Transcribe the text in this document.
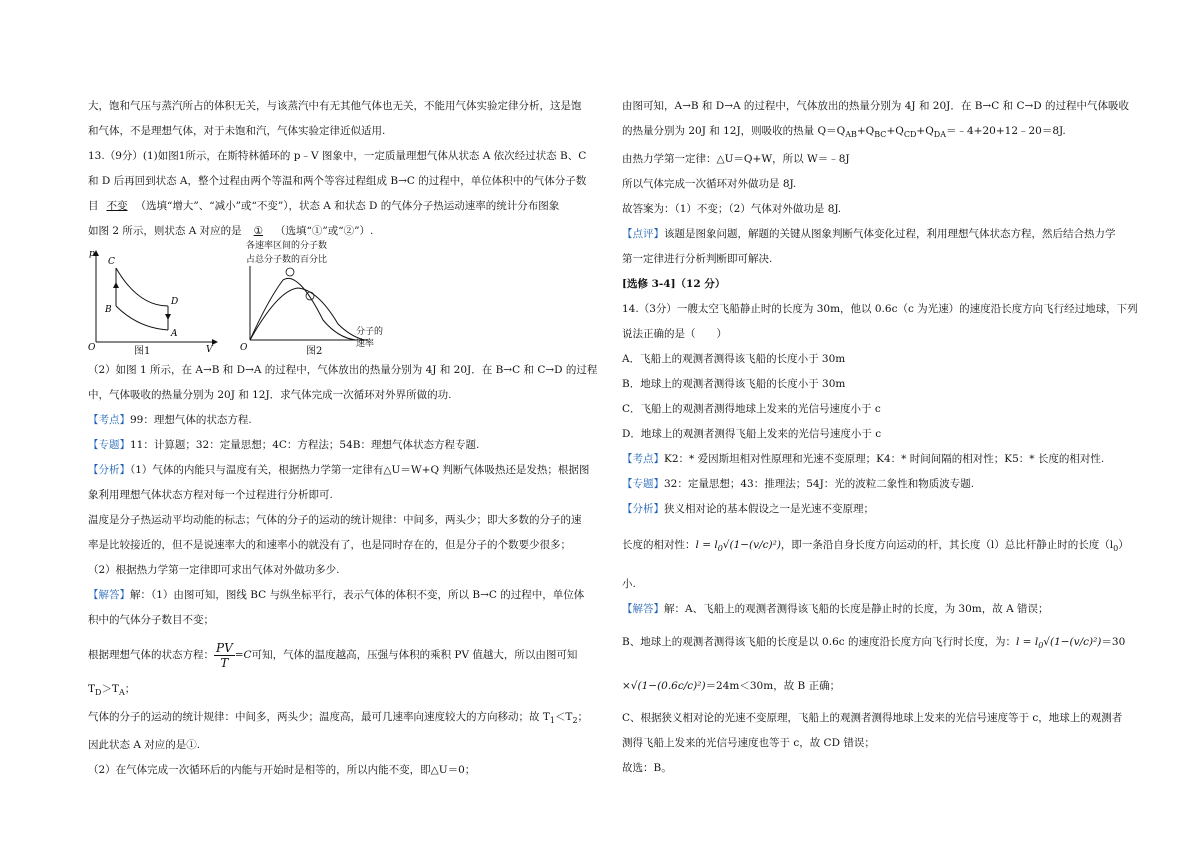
大，饱和气压与蒸汽所占的体积无关，与该蒸汽中有无其他气体也无关，不能用气体实验定律分析，这是饱

和气体，不是理想气体，对于未饱和汽，气体实验定律近似适用.

13.（9分）(1)如图1所示，在斯特林循环的 p﹣V 图象中，一定质量理想气体从状态 A 依次经过状态 B、C

和 D 后再回到状态 A，整个过程由两个等温和两个等容过程组成 B→C 的过程中，单位体积中的气体分子数

目 不变 （选填“增大”、“减小”或“不变”），状态 A 和状态 D 的气体分子热运动速率的统计分布图象

如图 2 所示，则状态 A 对应的是 ① （选填“①”或“②”）.

p
O	V
C
D
B
A
图1	O
各速率区间的分子数
占总分子数的百分比
分子的
速率
图2

（2）如图 1 所示，在 A→B 和 D→A 的过程中，气体放出的热量分别为 4J 和 20J．在 B→C 和 C→D 的过程

中，气体吸收的热量分别为 20J 和 12J．求气体完成一次循环对外界所做的功.

【考点】99：理想气体的状态方程.

【专题】11：计算题；32：定量思想；4C：方程法；54B：理想气体状态方程专题.

【分析】（1）气体的内能只与温度有关，根据热力学第一定律有△U＝W+Q 判断气体吸热还是发热；根据图

象利用理想气体状态方程对每一个过程进行分析即可.

温度是分子热运动平均动能的标志；气体的分子的运动的统计规律：中间多，两头少；即大多数的分子的速

率是比较接近的，但不是说速率大的和速率小的就没有了，也是同时存在的，但是分子的个数要少很多；

（2）根据热力学第一定律即可求出气体对外做功多少.

【解答】解：（1）由图可知，图线 BC 与纵坐标平行，表示气体的体积不变，所以 B→C 的过程中，单位体

积中的气体分子数目不变；

根据理想气体的状态方程： $\frac{PV}{T}=C$可知，气体的温度越高，压强与体积的乘积 PV 值越大，所以由图可知

$T_D>T_A$；

气体的分子的运动的统计规律：中间多，两头少；温度高，最可几速率向速度较大的方向移动；故 $T_1<T_2$；

因此状态 A 对应的是①.

（2）在气体完成一次循环后的内能与开始时是相等的，所以内能不变，即△U＝0；

由图可知，A→B 和 D→A 的过程中，气体放出的热量分别为 4J 和 20J．在 B→C 和 C→D 的过程中气体吸收

的热量分别为 20J 和 12J，则吸收的热量 $Q=Q_{AB}+Q_{BC}+Q_{CD}+Q_{DA}=﹣4+20+12﹣20=8J$.

由热力学第一定律：△U＝Q+W，所以 W＝﹣8J

所以气体完成一次循环对外做功是 8J.

故答案为：（1）不变；（2）气体对外做功是 8J.

【点评】该题是图象问题，解题的关键从图象判断气体变化过程，利用理想气体状态方程，然后结合热力学

第一定律进行分析判断即可解决.

[选修 3-4]（12 分）

14.（3分）一艘太空飞船静止时的长度为 30m，他以 0.6c（c 为光速）的速度沿长度方向飞行经过地球，下列

说法正确的是（　　）

A．飞船上的观测者测得该飞船的长度小于 30m

B．地球上的观测者测得该飞船的长度小于 30m

C．飞船上的观测者测得地球上发来的光信号速度小于 c

D．地球上的观测者测得飞船上发来的光信号速度小于 c

【考点】K2：* 爱因斯坦相对性原理和光速不变原理；K4：* 时间间隔的相对性；K5：* 长度的相对性.

【专题】32：定量思想；43：推理法；54J：光的波粒二象性和物质波专题.

【分析】狭义相对论的基本假设之一是光速不变原理；

长度的相对性：$l = l_0√(1-(v/c)^2)$，即一条沿自身长度方向运动的杆，其长度（l）总比杆静止时的长度$(l_0)$

小.

【解答】解：A、飞船上的观测者测得该飞船的长度是静止时的长度，为 30m，故 A 错误；

B、地球上的观测者测得该飞船的长度是以 0.6c 的速度沿长度方向飞行时长度，为：$l = l_0√(1-(v/c)^2)=30$

×√(1−(0.6c/c)²)＝24m＜30m，故 B 正确；

C、根据狭义相对论的光速不变原理，飞船上的观测者测得地球上发来的光信号速度等于 c，地球上的观测者

测得飞船上发来的光信号速度也等于 c，故 CD 错误；

故选：B。
